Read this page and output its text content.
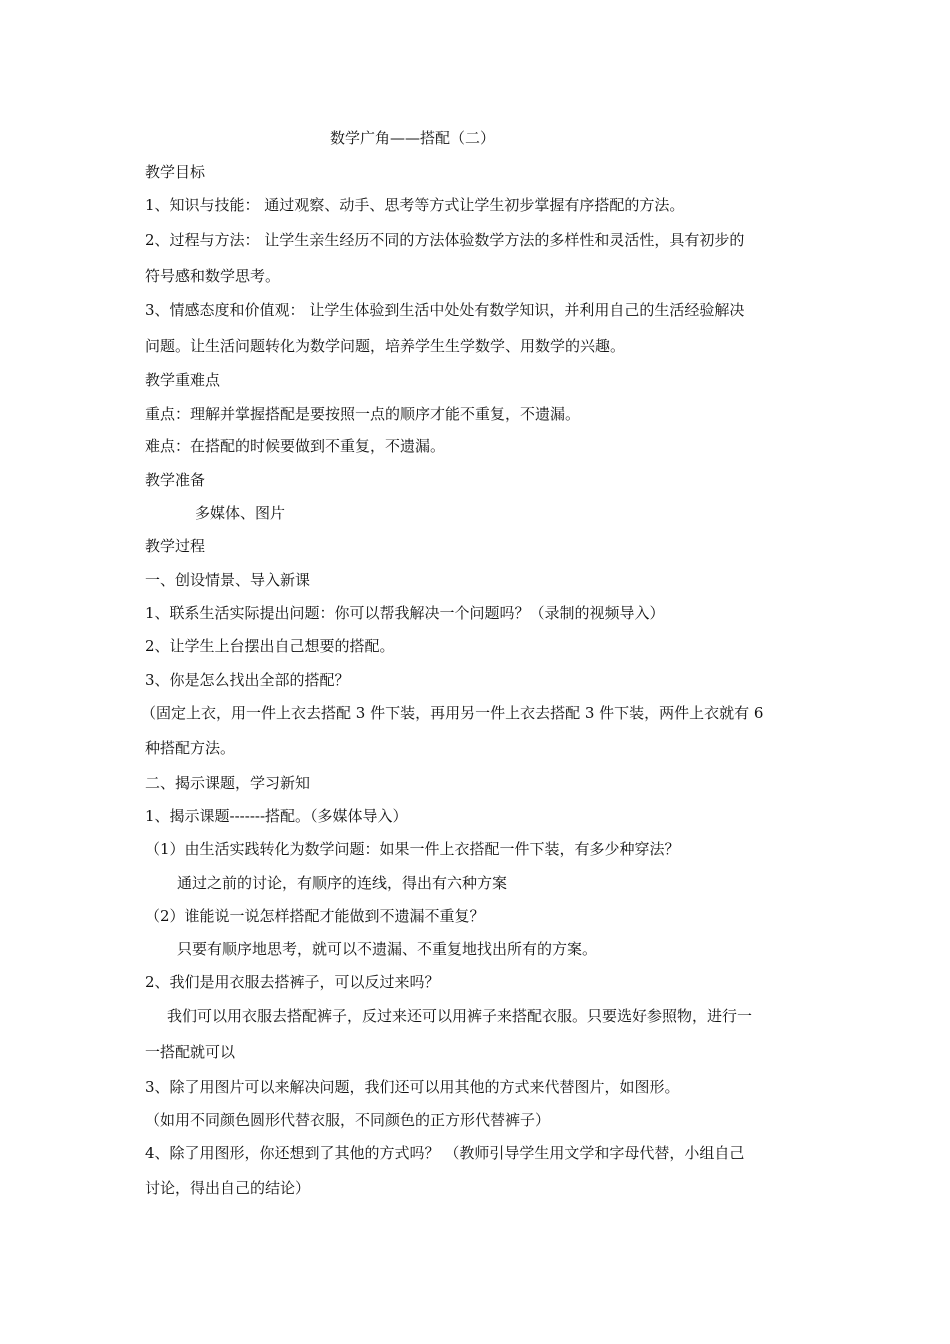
数学广角——搭配（二）
教学目标
1、知识与技能： 通过观察、动手、思考等方式让学生初步掌握有序搭配的方法。
2、过程与方法： 让学生亲生经历不同的方法体验数学方法的多样性和灵活性，具有初步的
符号感和数学思考。
3、情感态度和价值观： 让学生体验到生活中处处有数学知识，并利用自己的生活经验解决
问题。让生活问题转化为数学问题，培养学生生学数学、用数学的兴趣。
教学重难点
重点：理解并掌握搭配是要按照一点的顺序才能不重复，不遗漏。
难点：在搭配的时候要做到不重复，不遗漏。
教学准备
多媒体、图片
教学过程
一、创设情景、导入新课
1、联系生活实际提出问题：你可以帮我解决一个问题吗？（录制的视频导入）
2、让学生上台摆出自己想要的搭配。
3、你是怎么找出全部的搭配？
（固定上衣，用一件上衣去搭配 3 件下装，再用另一件上衣去搭配 3 件下装，两件上衣就有 6
种搭配方法。
二、揭示课题，学习新知
1、揭示课题-------搭配。（多媒体导入）
（1）由生活实践转化为数学问题：如果一件上衣搭配一件下装，有多少种穿法？
通过之前的讨论，有顺序的连线，得出有六种方案
（2）谁能说一说怎样搭配才能做到不遗漏不重复？
只要有顺序地思考，就可以不遗漏、不重复地找出所有的方案。
2、我们是用衣服去搭裤子，可以反过来吗？
我们可以用衣服去搭配裤子，反过来还可以用裤子来搭配衣服。只要选好参照物，进行一
一搭配就可以
3、除了用图片可以来解决问题，我们还可以用其他的方式来代替图片，如图形。
（如用不同颜色圆形代替衣服，不同颜色的正方形代替裤子）
4、除了用图形，你还想到了其他的方式吗？ （教师引导学生用文学和字母代替，小组自己
讨论，得出自己的结论）
